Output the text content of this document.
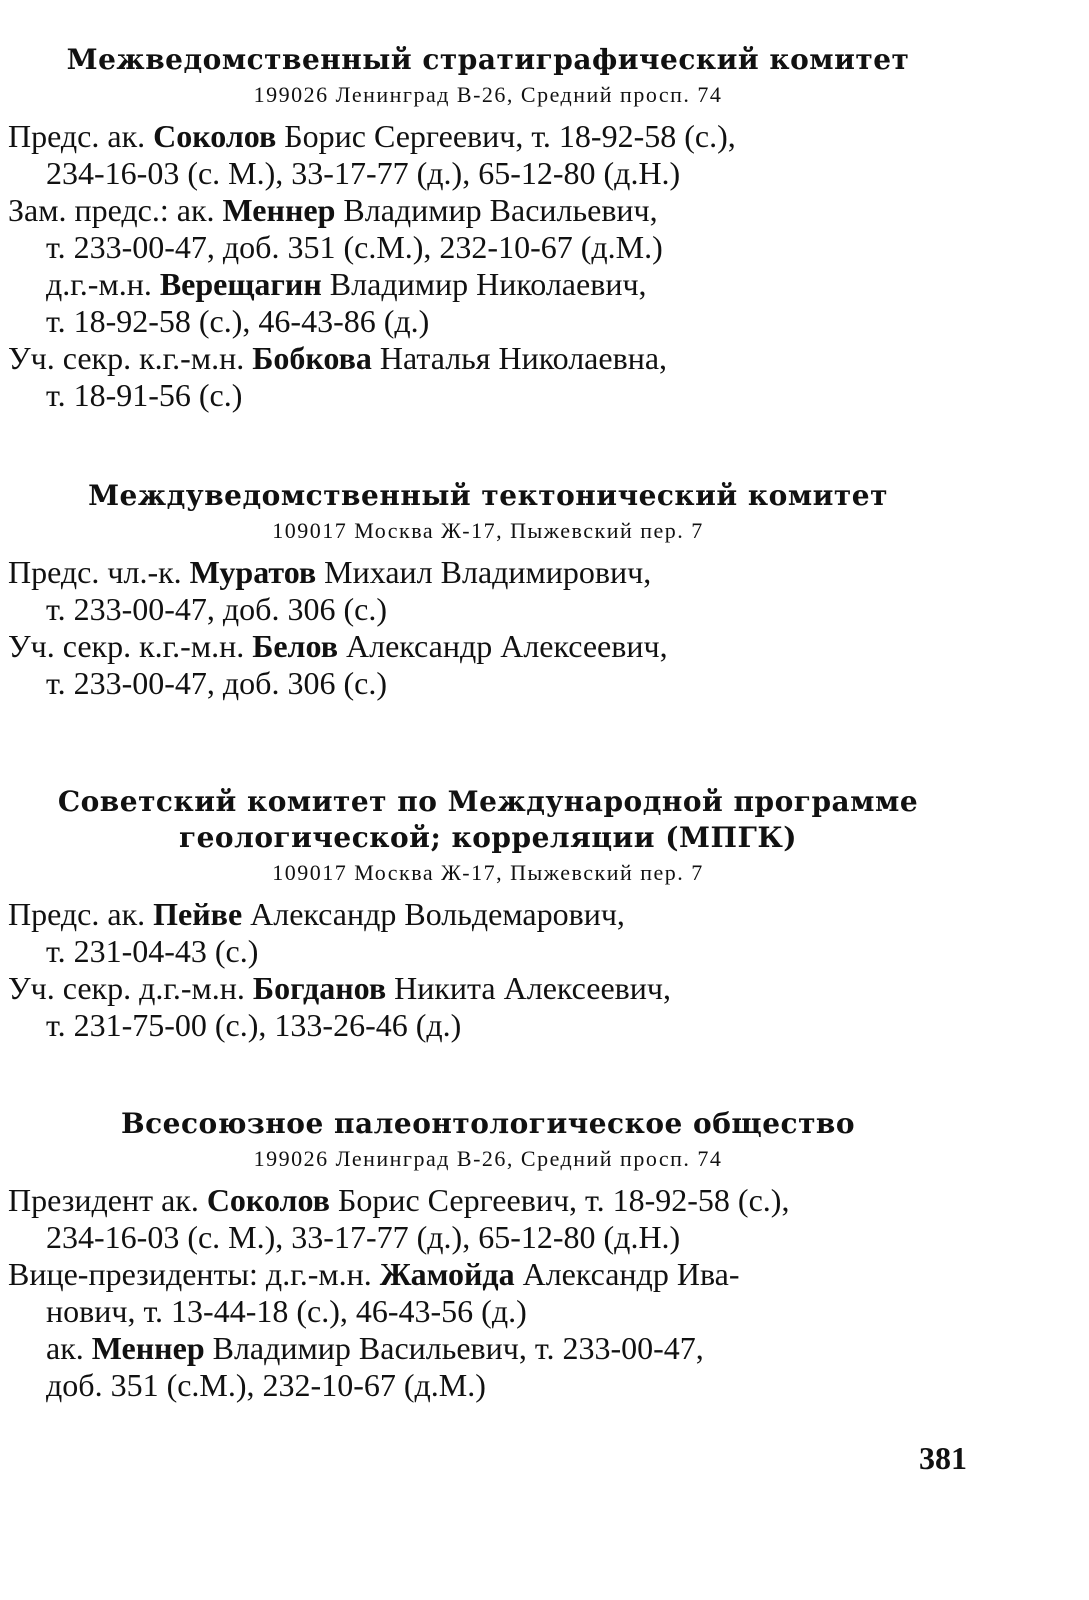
Межведомственный стратиграфический комитет
199026 Ленинград В-26, Средний просп. 74
Предс. ак. Соколов Борис Сергеевич, т. 18-92-58 (с.),
234-16-03 (с. М.), 33-17-77 (д.), 65-12-80 (д.Н.)
Зам. предс.: ак. Меннер Владимир Васильевич,
т. 233-00-47, доб. 351 (с.М.), 232-10-67 (д.М.)
д.г.-м.н. Верещагин Владимир Николаевич,
т. 18-92-58 (с.), 46-43-86 (д.)
Уч. секр. к.г.-м.н. Бобкова Наталья Николаевна,
т. 18-91-56 (с.)
Междуведомственный тектонический комитет
109017 Москва Ж-17, Пыжевский пер. 7
Предс. чл.-к. Муратов Михаил Владимирович,
т. 233-00-47, доб. 306 (с.)
Уч. секр. к.г.-м.н. Белов Александр Алексеевич,
т. 233-00-47, доб. 306 (с.)
Советский комитет по Международной программе
геологической; корреляции (МПГК)
109017 Москва Ж-17, Пыжевский пер. 7
Предс. ак. Пейве Александр Вольдемарович,
т. 231-04-43 (с.)
Уч. секр. д.г.-м.н. Богданов Никита Алексеевич,
т. 231-75-00 (с.), 133-26-46 (д.)
Всесоюзное палеонтологическое общество
199026 Ленинград В-26, Средний просп. 74
Президент ак. Соколов Борис Сергеевич, т. 18-92-58 (с.),
234-16-03 (с. М.), 33-17-77 (д.), 65-12-80 (д.Н.)
Вице-президенты: д.г.-м.н. Жамойда Александр Ива-
нович, т. 13-44-18 (с.), 46-43-56 (д.)
ак. Меннер Владимир Васильевич, т. 233-00-47,
доб. 351 (с.М.), 232-10-67 (д.М.)
381
